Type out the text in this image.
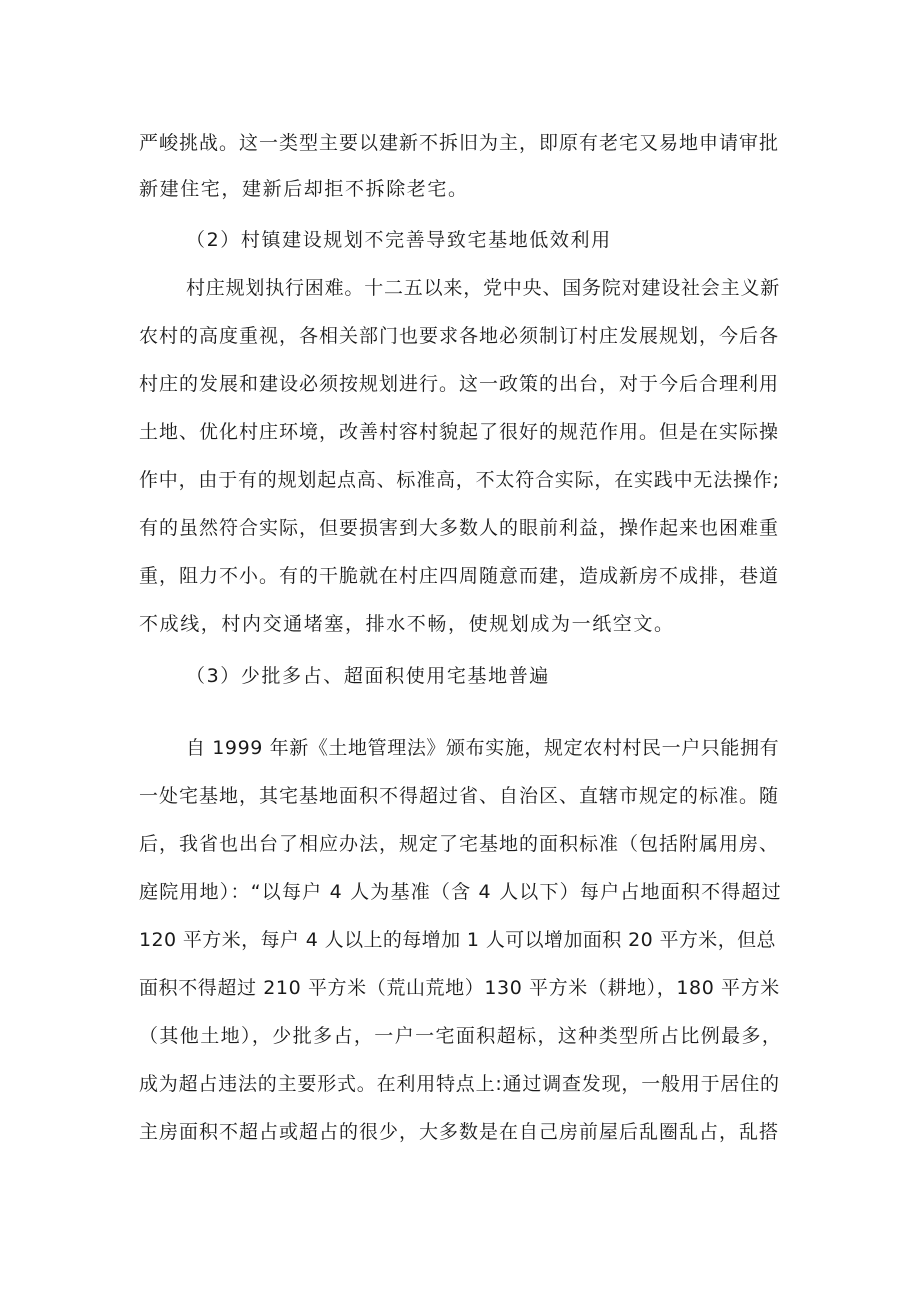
严峻挑战。这一类型主要以建新不拆旧为主，即原有老宅又易地申请审批
新建住宅，建新后却拒不拆除老宅。
（2）村镇建设规划不完善导致宅基地低效利用
村庄规划执行困难。十二五以来，党中央、国务院对建设社会主义新
农村的高度重视，各相关部门也要求各地必须制订村庄发展规划，今后各
村庄的发展和建设必须按规划进行。这一政策的出台，对于今后合理利用
土地、优化村庄环境，改善村容村貌起了很好的规范作用。但是在实际操
作中，由于有的规划起点高、标准高，不太符合实际，在实践中无法操作;
有的虽然符合实际，但要损害到大多数人的眼前利益，操作起来也困难重
重，阻力不小。有的干脆就在村庄四周随意而建，造成新房不成排，巷道
不成线，村内交通堵塞，排水不畅，使规划成为一纸空文。
（3）少批多占、超面积使用宅基地普遍
自 1999 年新《土地管理法》颁布实施，规定农村村民一户只能拥有
一处宅基地，其宅基地面积不得超过省、自治区、直辖市规定的标准。随
后，我省也出台了相应办法，规定了宅基地的面积标准（包括附属用房、
庭院用地）：“以每户 4 人为基准（含 4 人以下）每户占地面积不得超过
120 平方米，每户 4 人以上的每增加 1 人可以增加面积 20 平方米，但总
面积不得超过 210 平方米（荒山荒地）130 平方米（耕地），180 平方米
（其他土地），少批多占，一户一宅面积超标，这种类型所占比例最多，
成为超占违法的主要形式。在利用特点上:通过调查发现，一般用于居住的
主房面积不超占或超占的很少，大多数是在自己房前屋后乱圈乱占，乱搭
